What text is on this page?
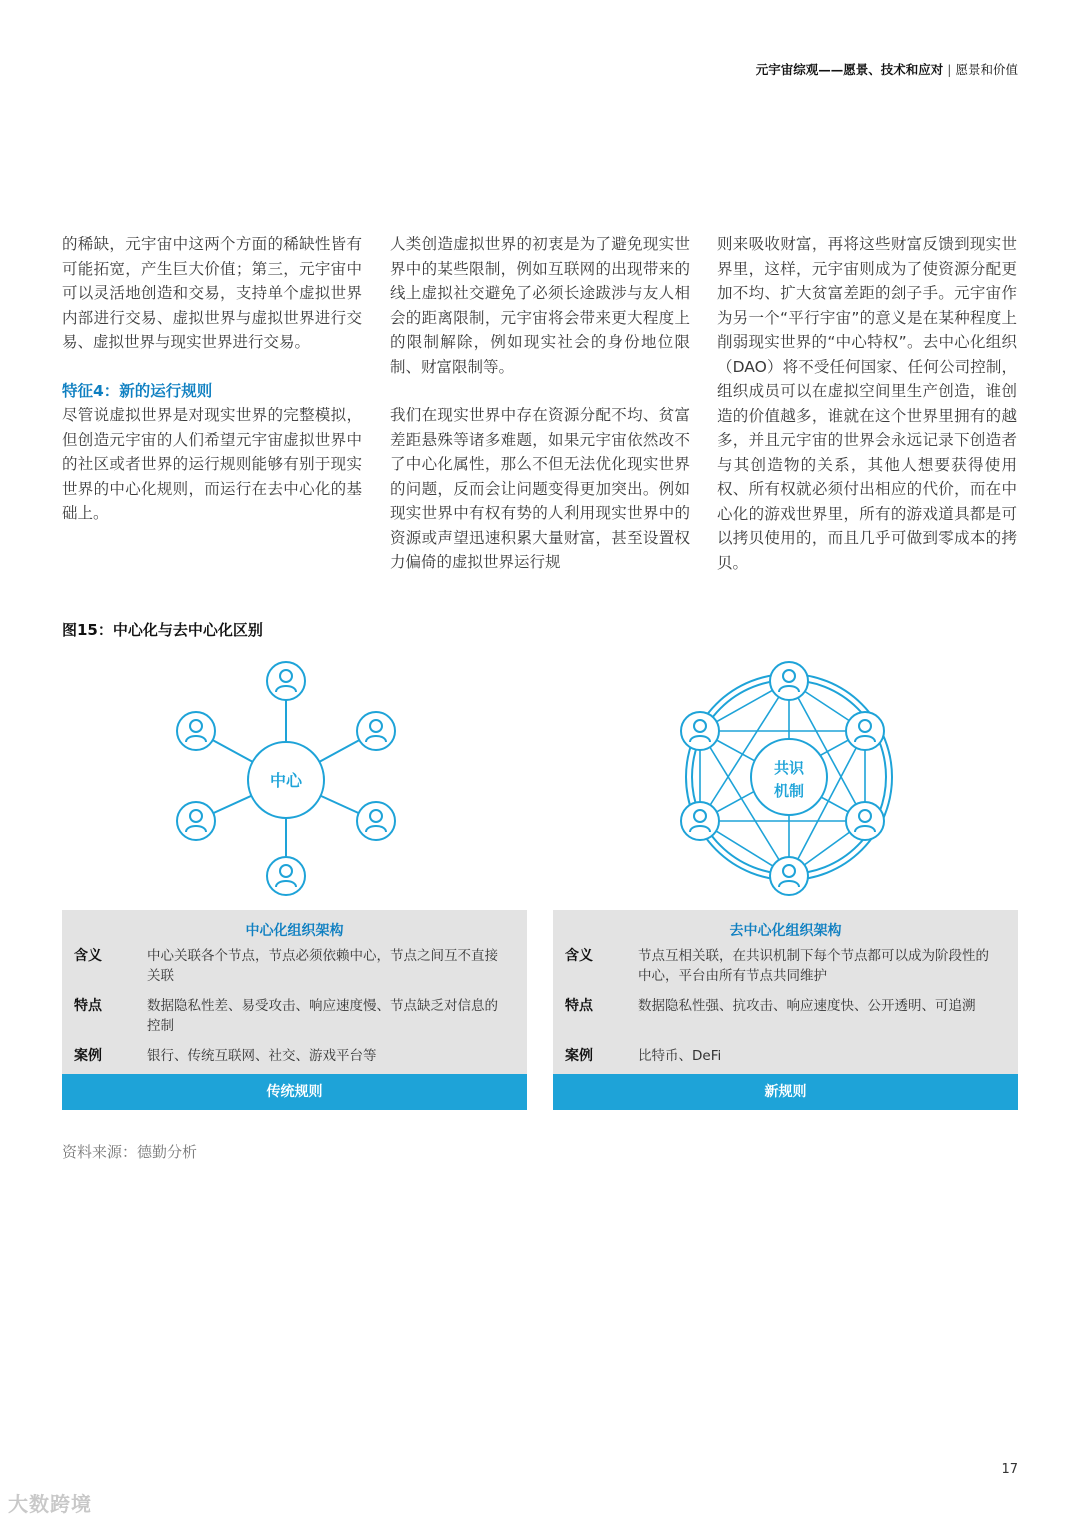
元宇宙综观——愿景、技术和应对 | 愿景和价值

的稀缺，元宇宙中这两个方面的稀缺性皆有可能拓宽，产生巨大价值；第三，元宇宙中可以灵活地创造和交易，支持单个虚拟世界内部进行交易、虚拟世界与虚拟世界进行交易、虚拟世界与现实世界进行交易。

特征4：新的运行规则

尽管说虚拟世界是对现实世界的完整模拟，但创造元宇宙的人们希望元宇宙虚拟世界中的社区或者世界的运行规则能够有别于现实世界的中心化规则，而运行在去中心化的基础上。

人类创造虚拟世界的初衷是为了避免现实世界中的某些限制，例如互联网的出现带来的线上虚拟社交避免了必须长途跋涉与友人相会的距离限制，元宇宙将会带来更大程度上的限制解除，例如现实社会的身份地位限制、财富限制等。

我们在现实世界中存在资源分配不均、贫富差距悬殊等诸多难题，如果元宇宙依然改不了中心化属性，那么不但无法优化现实世界的问题，反而会让问题变得更加突出。例如现实世界中有权有势的人利用现实世界中的资源或声望迅速积累大量财富，甚至设置权力偏倚的虚拟世界运行规

则来吸收财富，再将这些财富反馈到现实世界里，这样，元宇宙则成为了使资源分配更加不均、扩大贫富差距的刽子手。元宇宙作为另一个“平行宇宙”的意义是在某种程度上削弱现实世界的“中心特权”。去中心化组织（DAO）将不受任何国家、任何公司控制，组织成员可以在虚拟空间里生产创造，谁创造的价值越多，谁就在这个世界里拥有的越多，并且元宇宙的世界会永远记录下创造者与其创造物的关系，其他人想要获得使用权、所有权就必须付出相应的代价，而在中心化的游戏世界里，所有的游戏道具都是可以拷贝使用的，而且几乎可做到零成本的拷贝。

图15：中心化与去中心化区别
中心
共识
机制
中心化组织架构
含义	中心关联各个节点，节点必须依赖中心，节点之间互不直接关联
特点	数据隐私性差、易受攻击、响应速度慢、节点缺乏对信息的控制
案例	银行、传统互联网、社交、游戏平台等
传统规则
去中心化组织架构
含义	节点互相关联，在共识机制下每个节点都可以成为阶段性的中心，平台由所有节点共同维护
特点	数据隐私性强、抗攻击、响应速度快、公开透明、可追溯
案例	比特币、DeFi
新规则
资料来源：德勤分析
17
大数跨境
